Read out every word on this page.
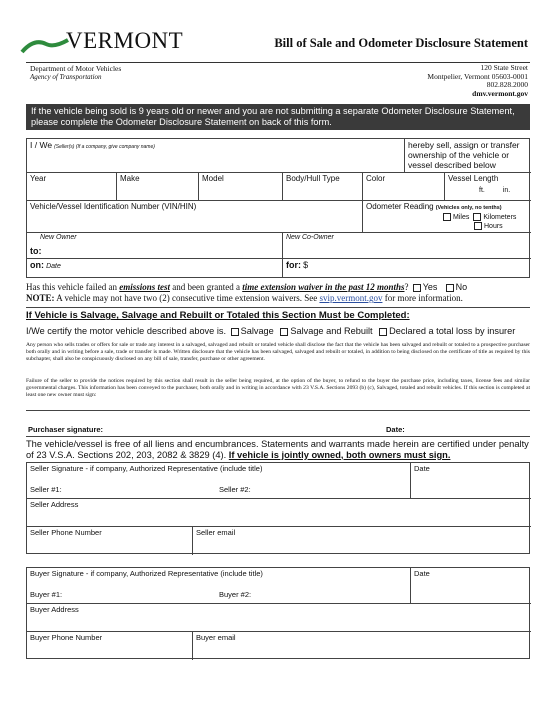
VERMONT	Bill of Sale and Odometer Disclosure Statement
Department of Motor Vehicles
Agency of Transportation
120 State Street
Montpelier, Vermont 05603-0001
802.828.2000
dmv.vermont.gov
If the vehicle being sold is 9 years old or newer and you are not submitting a separate Odometer Disclosure Statement, please complete the Odometer Disclosure Statement on back of this form.
I / We (Seller(s) (If a company, give company name)	hereby sell, assign or transfer ownership of the vehicle or vessel described below
Year	Make	Model	Body/Hull Type	Color	Vessel Length
ft.	in.
Vehicle/Vessel Identification Number (VIN/HIN)	Odometer Reading (Vehicles only, no tenths)
Miles Kilometers
Hours
New Owner
to:
New Co-Owner
on: Date	for: $
Has this vehicle failed an emissions test and been granted a time extension waiver in the past 12 months? Yes No
NOTE: A vehicle may not have two (2) consecutive time extension waivers. See svip.vermont.gov for more information.
If Vehicle is Salvage, Salvage and Rebuilt or Totaled this Section Must be Completed:
I/We certify the motor vehicle described above is. Salvage Salvage and Rebuilt Declared a total loss by insurer
Any person who sells trades or offers for sale or trade any interest in a salvaged, salvaged and rebuilt or totaled vehicle shall disclose the fact that the vehicle has been salvaged and rebuilt or totaled to a prospective purchaser both orally and in writing before a sale, trade or transfer is made. Written disclosure that the vehicle has been salvaged, salvaged and rebuilt or totaled, in addition to being disclosed on the certificate of title as required by this subchapter, shall also be conspicuously disclosed on any bill of sale, transfer, purchase or other agreement.
Failure of the seller to provide the notices required by this section shall result in the seller being required, at the option of the buyer, to refund to the buyer the purchase price, including taxes, license fees and similar governmental charges. This information has been conveyed to the purchaser, both orally and in writing in accordance with 23 V.S.A. Sections 2093 (b) (c), Salvaged, totaled and rebuilt vehicles. If this section is completed at least one new owner must sign:
Purchaser signature:	Date:
The vehicle/vessel is free of all liens and encumbrances. Statements and warrants made herein are certified under penalty of 23 V.S.A. Sections 202, 203, 2082 & 3829 (4). If vehicle is jointly owned, both owners must sign.
Seller Signature - if company, Authorized Representative (include title)
Seller #1:	Seller #2:
Date
Seller Address
Seller Phone Number	Seller email
Buyer Signature - if company, Authorized Representative (include title)
Buyer #1:	Buyer #2:
Date
Buyer Address
Buyer Phone Number	Buyer email
